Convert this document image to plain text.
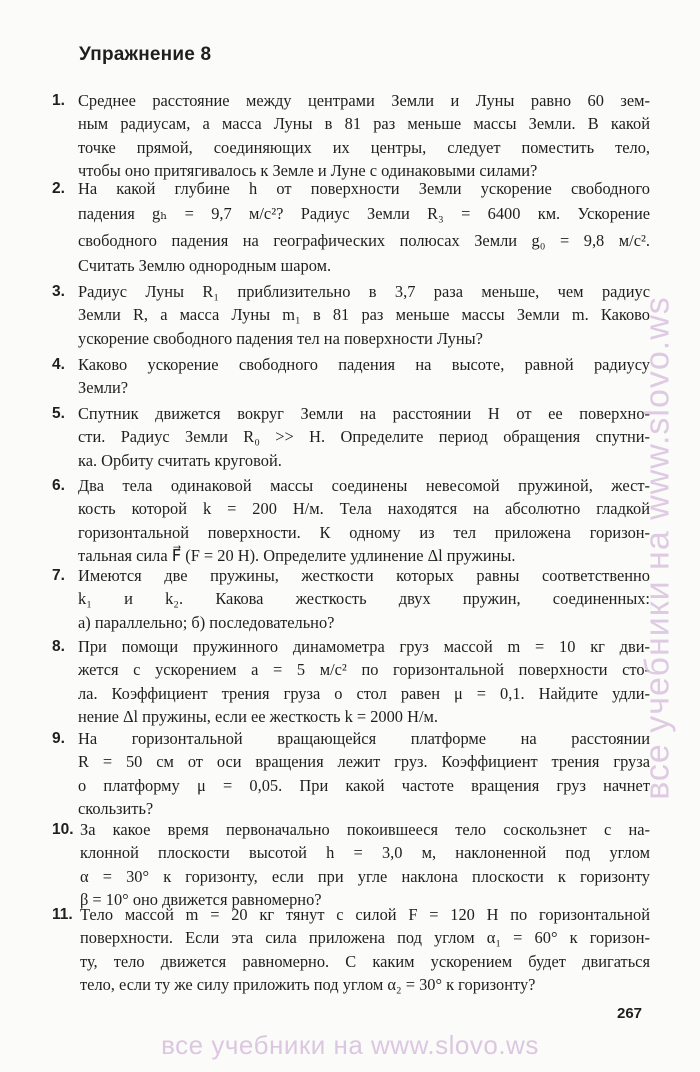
Упражнение 8
1. Среднее расстояние между центрами Земли и Луны равно 60 зем-
ным радиусам, а масса Луны в 81 раз меньше массы Земли. В какой
точке прямой, соединяющих их центры, следует поместить тело,
чтобы оно притягивалось к Земле и Луне с одинаковыми силами?
2. На какой глубине h от поверхности Земли ускорение свободного
падения gₕ = 9,7 м/с²? Радиус Земли R₃ = 6400 км. Ускорение
свободного падения на географических полюсах Земли g₀ = 9,8 м/с².
Считать Землю однородным шаром.
3. Радиус Луны R₁ приблизительно в 3,7 раза меньше, чем радиус
Земли R, а масса Луны m₁ в 81 раз меньше массы Земли m. Каково
ускорение свободного падения тел на поверхности Луны?
4. Каково ускорение свободного падения на высоте, равной радиусу
Земли?
5. Спутник движется вокруг Земли на расстоянии H от ее поверхно-
сти. Радиус Земли R₀ >> H. Определите период обращения спутни-
ка. Орбиту считать круговой.
6. Два тела одинаковой массы соединены невесомой пружиной, жест-
кость которой k = 200 Н/м. Тела находятся на абсолютно гладкой
горизонтальной поверхности. К одному из тел приложена горизон-
тальная сила F⃗ (F = 20 Н). Определите удлинение Δl пружины.
7. Имеются две пружины, жесткости которых равны соответственно
k₁ и k₂. Какова жесткость двух пружин, соединенных:
а) параллельно; б) последовательно?
8. При помощи пружинного динамометра груз массой m = 10 кг дви-
жется с ускорением a = 5 м/с² по горизонтальной поверхности сто-
ла. Коэффициент трения груза о стол равен μ = 0,1. Найдите удли-
нение Δl пружины, если ее жесткость k = 2000 Н/м.
9. На горизонтальной вращающейся платформе на расстоянии
R = 50 см от оси вращения лежит груз. Коэффициент трения груза
о платформу μ = 0,05. При какой частоте вращения груз начнет
скользить?
10. За какое время первоначально покоившееся тело соскользнет с на-
клонной плоскости высотой h = 3,0 м, наклоненной под углом
α = 30° к горизонту, если при угле наклона плоскости к горизонту
β = 10° оно движется равномерно?
11. Тело массой m = 20 кг тянут с силой F = 120 Н по горизонтальной
поверхности. Если эта сила приложена под углом α₁ = 60° к горизон-
ту, тело движется равномерно. С каким ускорением будет двигаться
тело, если ту же силу приложить под углом α₂ = 30° к горизонту?
267
все учебники на www.slovo.ws
все учебники на www.slovo.ws
